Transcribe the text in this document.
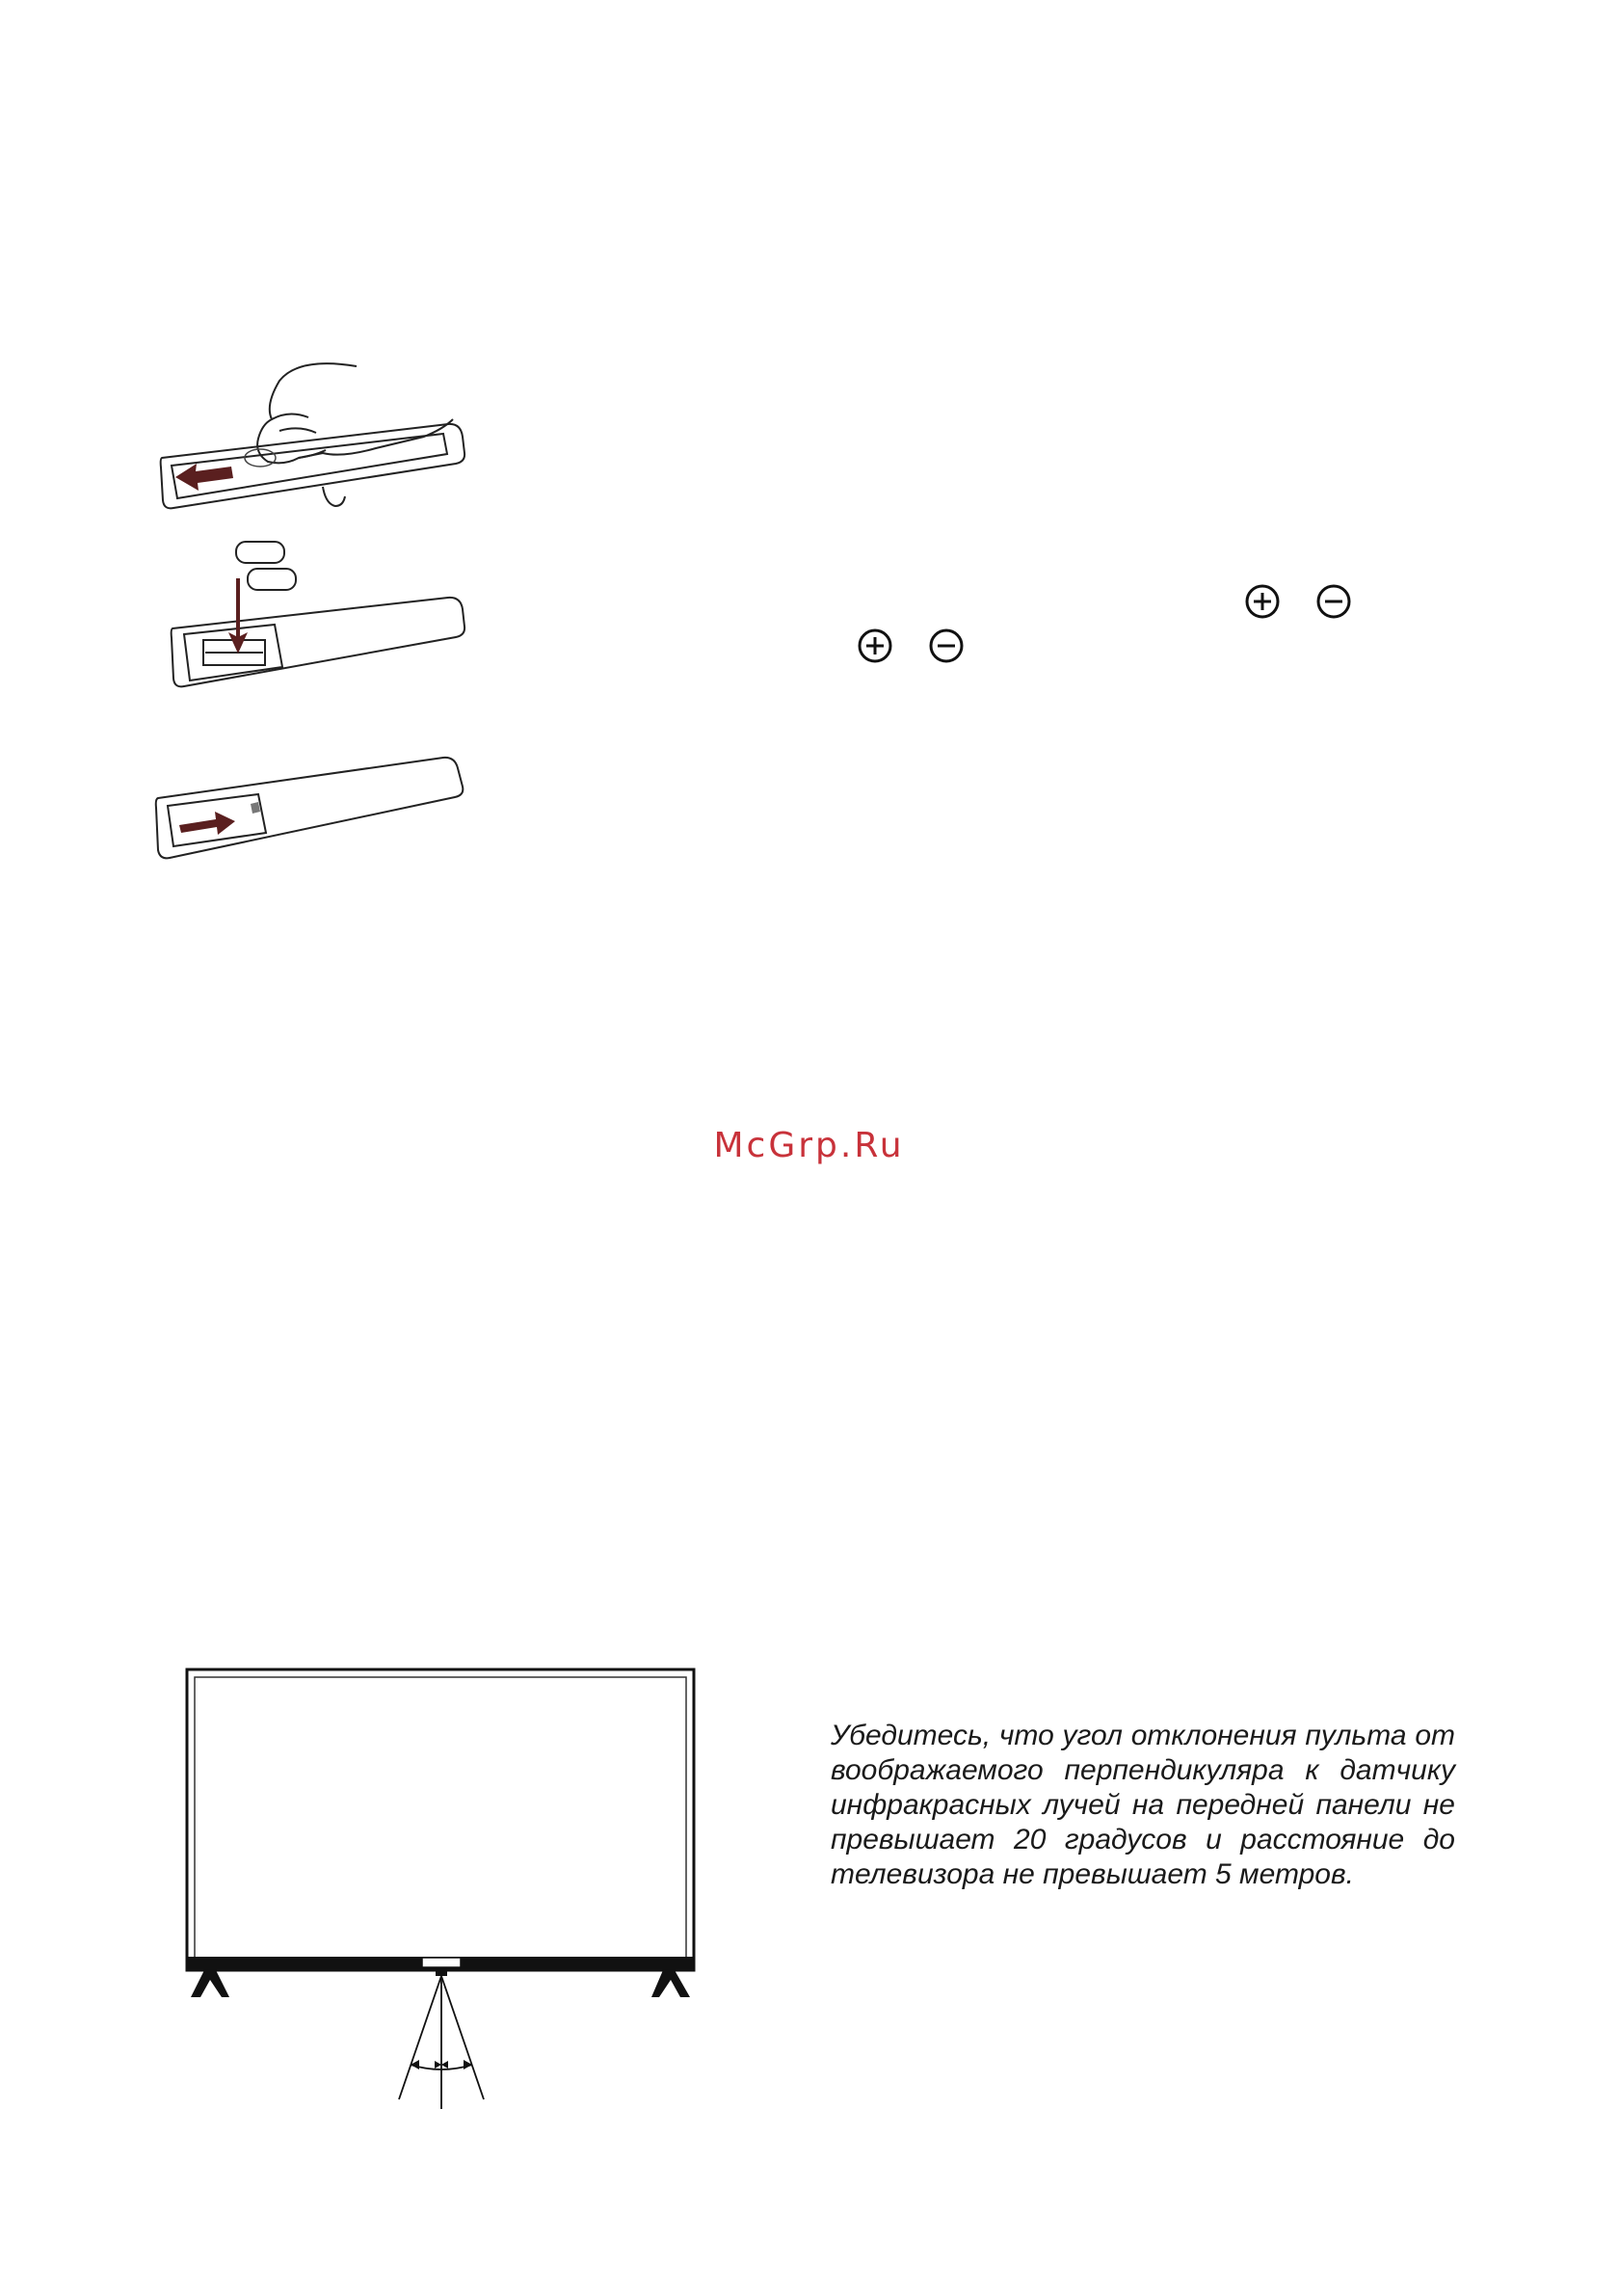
McGrp.Ru
Убедитесь, что угол отклонения пульта от воображаемого перпендикуляра к датчику инфракрасных лучей на передней панели не превышает 20 градусов и расстояние до телевизора не превышает 5 метров.
